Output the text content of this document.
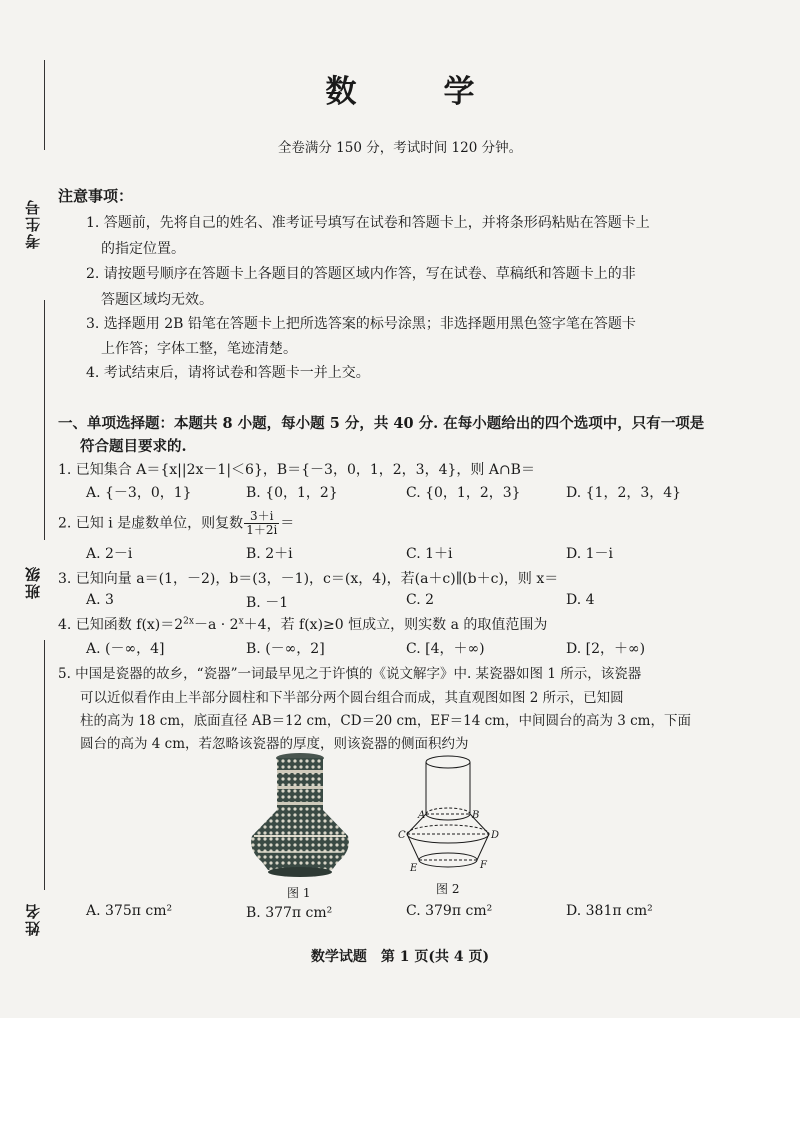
考生号
班级
姓名
数　学
全卷满分 150 分，考试时间 120 分钟。
注意事项：
1. 答题前，先将自己的姓名、准考证号填写在试卷和答题卡上，并将条形码粘贴在答题卡上
的指定位置。
2. 请按题号顺序在答题卡上各题目的答题区域内作答，写在试卷、草稿纸和答题卡上的非
答题区域均无效。
3. 选择题用 2B 铅笔在答题卡上把所选答案的标号涂黑；非选择题用黑色签字笔在答题卡
上作答；字体工整，笔迹清楚。
4. 考试结束后，请将试卷和答题卡一并上交。
一、单项选择题：本题共 8 小题，每小题 5 分，共 40 分. 在每小题给出的四个选项中，只有一项是
符合题目要求的.
1. 已知集合 A＝{x||2x－1|＜6}，B＝{－3，0，1，2，3，4}，则 A∩B＝
A. {－3，0，1}	B. {0，1，2}	C. {0，1，2，3}	D. {1，2，3，4}
2. 已知 i 是虚数单位，则复数 $\frac{3+i}{1+2i}$ ＝
A. 2－i	B. 2＋i	C. 1＋i	D. 1－i
3. 已知向量 a＝(1，－2)，b＝(3，－1)，c＝(x，4)，若(a＋c)∥(b＋c)，则 x＝
A. 3	B. －1	C. 2	D. 4
4. 已知函数 $f(x)=2^{2x}-a \cdot 2^x+4$，若 f(x)≥0 恒成立，则实数 a 的取值范围为
A. (－∞，4]	B. (－∞，2]	C. [4，＋∞)	D. [2，＋∞)
5. 中国是瓷器的故乡，“瓷器”一词最早见之于许慎的《说文解字》中. 某瓷器如图 1 所示，该瓷器
可以近似看作由上半部分圆柱和下半部分两个圆台组合而成，其直观图如图 2 所示，已知圆
柱的高为 18 cm，底面直径 AB＝12 cm，CD＝20 cm，EF＝14 cm，中间圆台的高为 3 cm，下面
圆台的高为 4 cm，若忽略该瓷器的厚度，则该瓷器的侧面积约为
图 1
A	B
C	D
E	F
图 2
A. 375π cm²	B. 377π cm²	C. 379π cm²	D. 381π cm²
数学试题　第 1 页(共 4 页)
